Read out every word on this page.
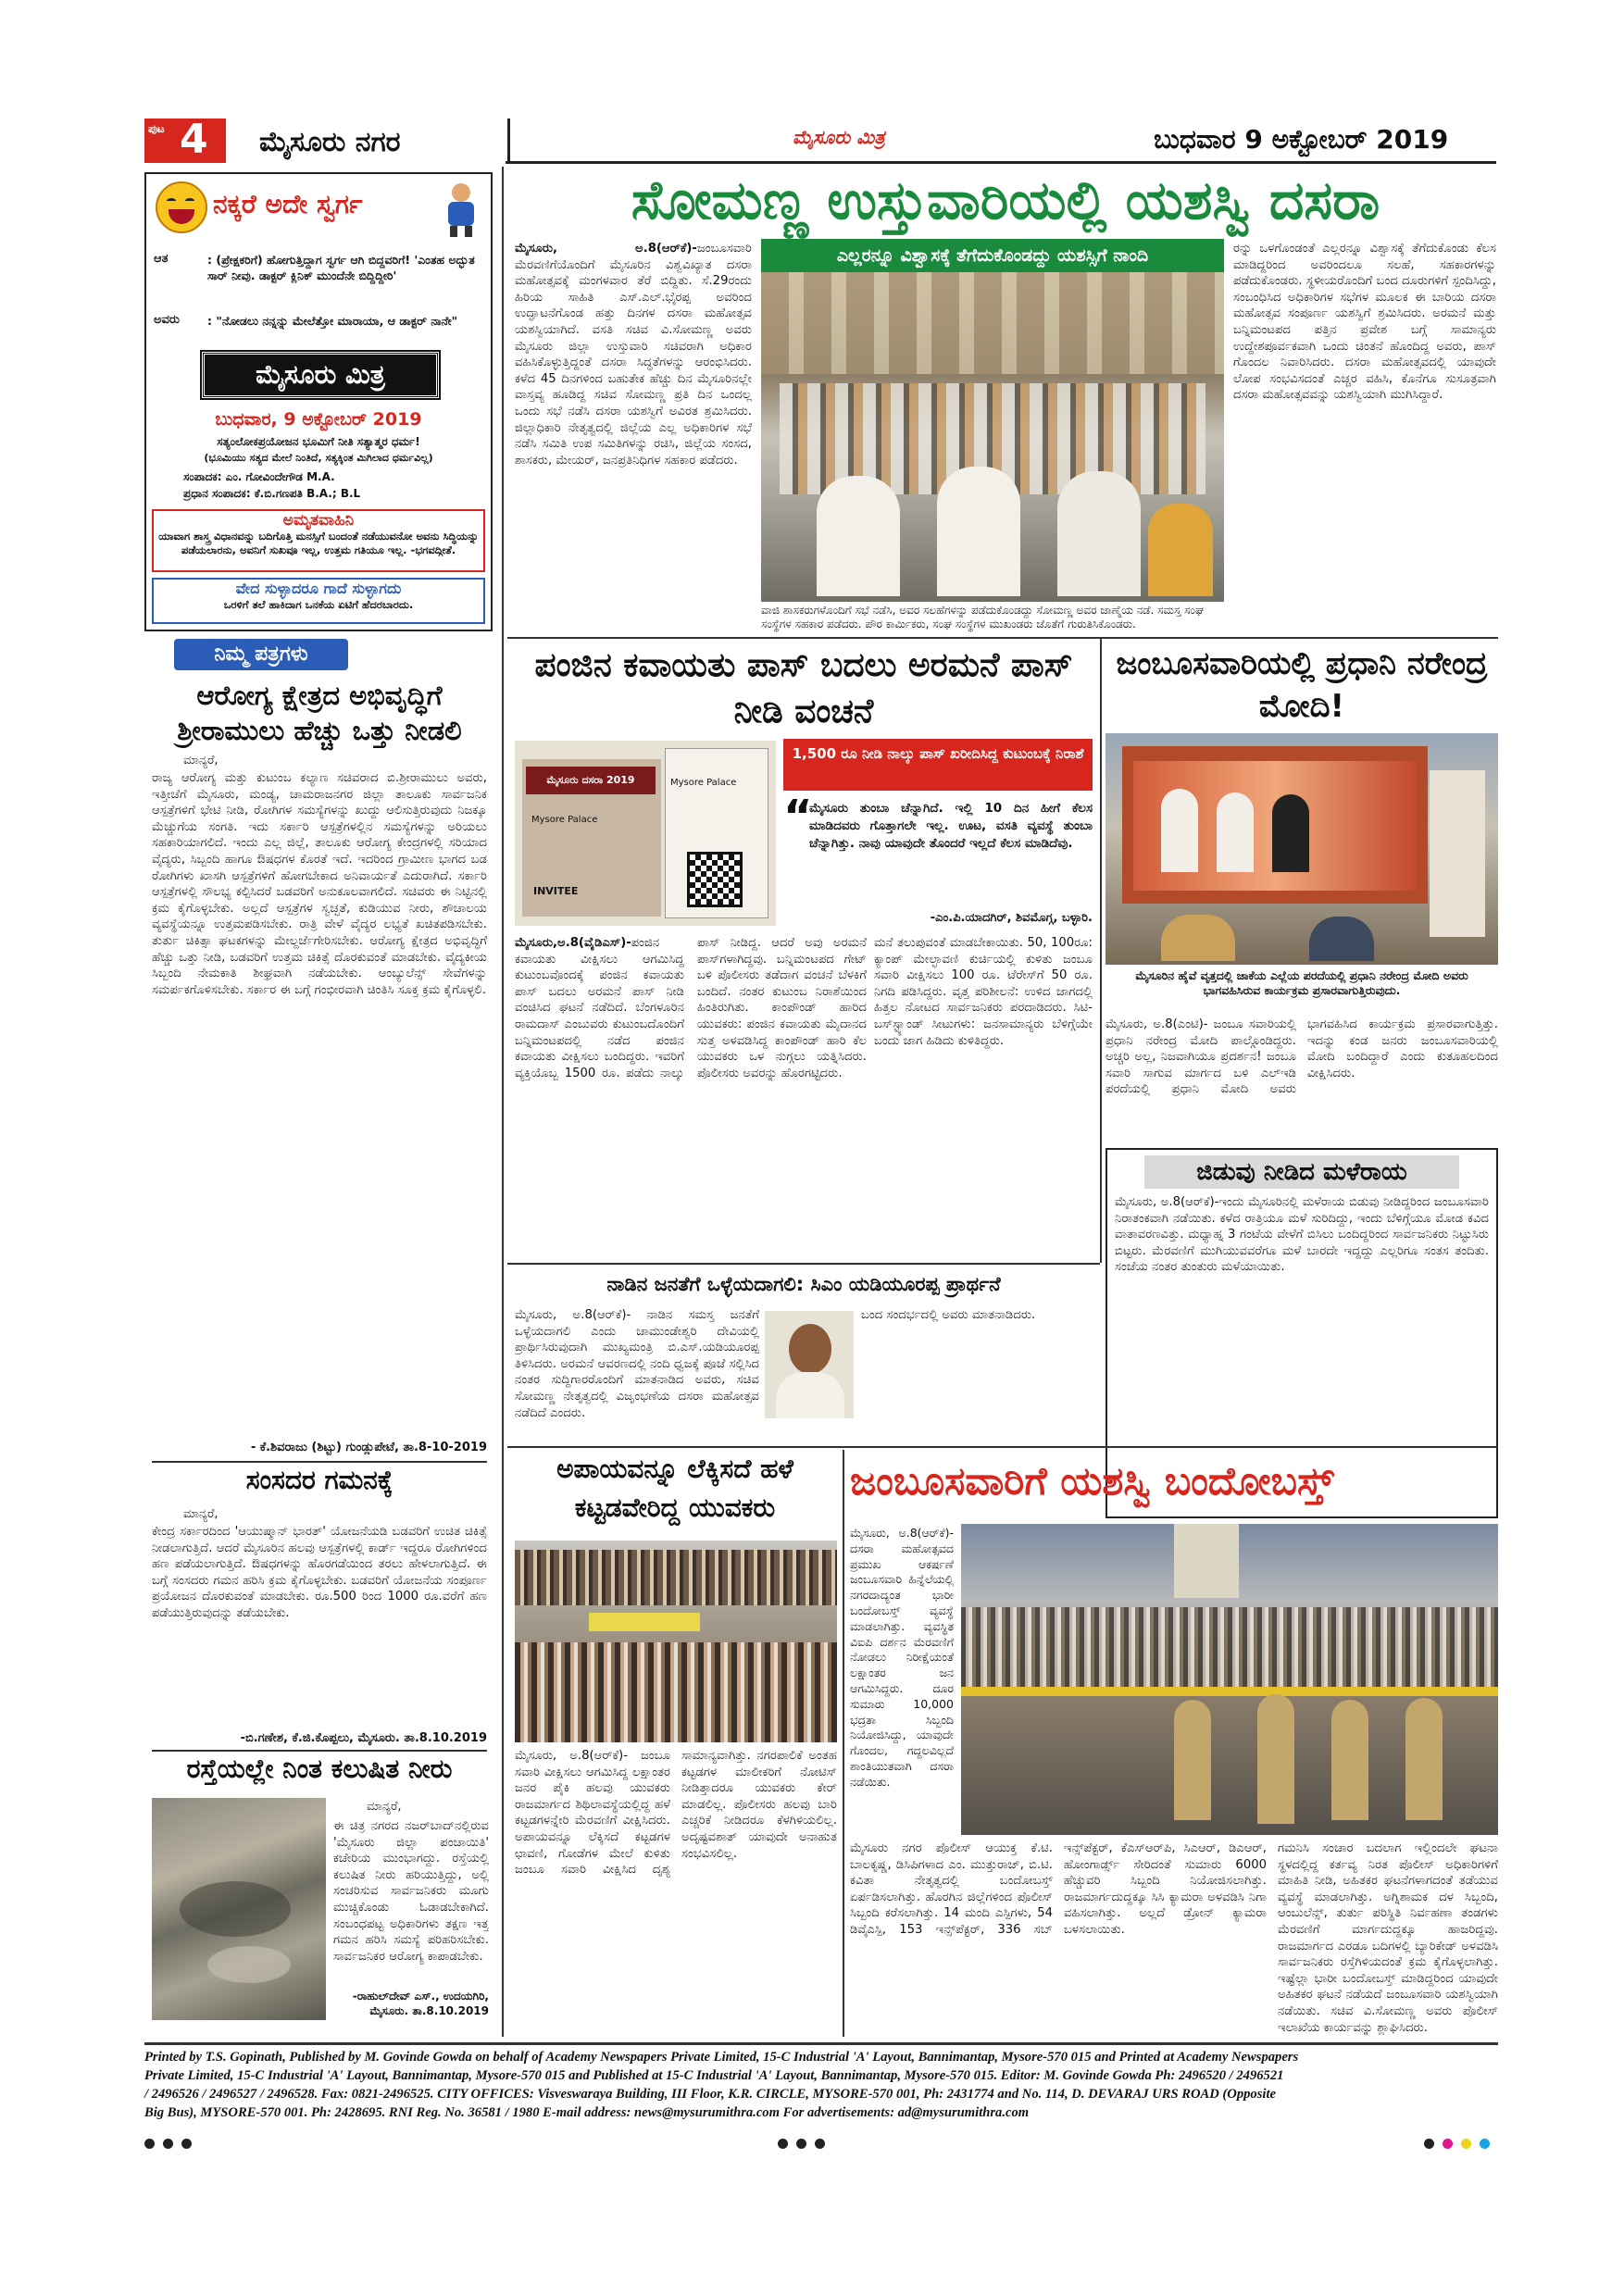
ಪುಟ 4 ಮೈಸೂರು ನಗರ	ಮೈಸೂರು ಮಿತ್ರ	ಬುಧವಾರ 9 ಅಕ್ಟೋಬರ್ 2019
ನಕ್ಕರೆ ಅದೇ ಸ್ವರ್ಗ
ಆತ	: (ಪ್ರೇಕ್ಷಕರಿಗೆ) ಹೋಗುತ್ತಿದ್ದಾಗ ಸ್ವರ್ಗ ಆಗಿ ಬಿದ್ದವರಿಗೆ! 'ಎಂತಹ ಅದ್ಭುತ ಸಾರ್ ನೀವು. ಡಾಕ್ಟರ್ ಕ್ಲಿನಿಕ್ ಮುಂದೆನೇ ಬಿದ್ದಿದ್ದೀರಿ'
ಅವರು : "ನೋಡಲು ನನ್ನನ್ನು ಮೇಲೆತ್ತೋ ಮಾರಾಯಾ, ಆ ಡಾಕ್ಟರ್ ನಾನೇ"
ಮೈಸೂರು ಮಿತ್ರ
ಬುಧವಾರ, 9 ಅಕ್ಟೋಬರ್ 2019
ಸತ್ಯಂಲೋಕಪ್ರಯೋಜನ ಭೂಮಿಗೆ ನೀತಿ ಸತ್ಯಾತ್ಮರ ಧರ್ಮ!
(ಭೂಮಿಯು ಸತ್ಯದ ಮೇಲೆ ನಿಂತಿದೆ, ಸತ್ಯಕ್ಕಿಂತ ಮಿಗಿಲಾದ ಧರ್ಮವಿಲ್ಲ)
ಸಂಪಾದಕ: ಎಂ. ಗೋವಿಂದೇಗೌಡ M.A.
ಪ್ರಧಾನ ಸಂಪಾದಕ: ಕೆ.ಬಿ.ಗಣಪತಿ B.A.; B.L
ಅಮೃತವಾಹಿನಿ
ಯಾವಾಗ ಶಾಸ್ತ್ರ ವಿಧಾನವನ್ನು ಬದಿಗೊತ್ತಿ ಮನಸ್ಸಿಗೆ ಬಂದಂತೆ ನಡೆಯುವನೋ ಅವನು ಸಿದ್ಧಿಯನ್ನು ಪಡೆಯಲಾರನು, ಅವನಿಗೆ ಸುಖವೂ ಇಲ್ಲ, ಉತ್ತಮ ಗತಿಯೂ ಇಲ್ಲ. -ಭಗವದ್ಗೀತೆ.
ವೇದ ಸುಳ್ಳಾದರೂ ಗಾದೆ ಸುಳ್ಳಾಗದು
ಒರಳಿಗೆ ತಲೆ ಹಾಕಿದಾಗ ಒನಕೆಯ ಏಟಿಗೆ ಹೆದರಬಾರದು.
ನಿಮ್ಮ ಪತ್ರಗಳು
ಆರೋಗ್ಯ ಕ್ಷೇತ್ರದ ಅಭಿವೃದ್ಧಿಗೆ ಶ್ರೀರಾಮುಲು ಹೆಚ್ಚು ಒತ್ತು ನೀಡಲಿ
ಮಾನ್ಯರೆ,
ರಾಜ್ಯ ಆರೋಗ್ಯ ಮತ್ತು ಕುಟುಂಬ ಕಲ್ಯಾಣ ಸಚಿವರಾದ ಬಿ.ಶ್ರೀರಾಮುಲು ಅವರು, ಇತ್ತೀಚೆಗೆ ಮೈಸೂರು, ಮಂಡ್ಯ, ಚಾಮರಾಜನಗರ ಜಿಲ್ಲಾ ತಾಲೂಕು ಸಾರ್ವಜನಿಕ ಆಸ್ಪತ್ರೆಗಳಿಗೆ ಭೇಟಿ ನೀಡಿ, ರೋಗಿಗಳ ಸಮಸ್ಯೆಗಳನ್ನು ಖುದ್ದು ಆಲಿಸುತ್ತಿರುವುದು ನಿಜಕ್ಕೂ ಮೆಚ್ಚುಗೆಯ ಸಂಗತಿ. ಇದು ಸರ್ಕಾರಿ ಆಸ್ಪತ್ರೆಗಳಲ್ಲಿನ ಸಮಸ್ಯೆಗಳನ್ನು ಅರಿಯಲು ಸಹಕಾರಿಯಾಗಲಿದೆ. ಇಂದು ಎಲ್ಲ ಜಿಲ್ಲೆ, ತಾಲೂಕು ಆರೋಗ್ಯ ಕೇಂದ್ರಗಳಲ್ಲಿ ಸರಿಯಾದ ವೈದ್ಯರು, ಸಿಬ್ಬಂದಿ ಹಾಗೂ ಔಷಧಗಳ ಕೊರತೆ ಇದೆ. ಇದರಿಂದ ಗ್ರಾಮೀಣ ಭಾಗದ ಬಡ ರೋಗಿಗಳು ಖಾಸಗಿ ಆಸ್ಪತ್ರೆಗಳಿಗೆ ಹೋಗಬೇಕಾದ ಅನಿವಾರ್ಯತೆ ಎದುರಾಗಿದೆ. ಸರ್ಕಾರಿ ಆಸ್ಪತ್ರೆಗಳಲ್ಲಿ ಸೌಲಭ್ಯ ಕಲ್ಪಿಸಿದರೆ ಬಡವರಿಗೆ ಅನುಕೂಲವಾಗಲಿದೆ. ಸಚಿವರು ಈ ನಿಟ್ಟಿನಲ್ಲಿ ಕ್ರಮ ಕೈಗೊಳ್ಳಬೇಕು. ಅಲ್ಲದೆ ಆಸ್ಪತ್ರೆಗಳ ಸ್ವಚ್ಛತೆ, ಕುಡಿಯುವ ನೀರು, ಶೌಚಾಲಯ ವ್ಯವಸ್ಥೆಯನ್ನೂ ಉತ್ತಮಪಡಿಸಬೇಕು. ರಾತ್ರಿ ವೇಳೆ ವೈದ್ಯರ ಲಭ್ಯತೆ ಖಚಿತಪಡಿಸಬೇಕು. ತುರ್ತು ಚಿಕಿತ್ಸಾ ಘಟಕಗಳನ್ನು ಮೇಲ್ದರ್ಜೆಗೇರಿಸಬೇಕು. ಆರೋಗ್ಯ ಕ್ಷೇತ್ರದ ಅಭಿವೃದ್ಧಿಗೆ ಹೆಚ್ಚು ಒತ್ತು ನೀಡಿ, ಬಡವರಿಗೆ ಉತ್ತಮ ಚಿಕಿತ್ಸೆ ದೊರಕುವಂತೆ ಮಾಡಬೇಕು. ವೈದ್ಯಕೀಯ ಸಿಬ್ಬಂದಿ ನೇಮಕಾತಿ ಶೀಘ್ರವಾಗಿ ನಡೆಯಬೇಕು. ಆಂಬ್ಯುಲೆನ್ಸ್ ಸೇವೆಗಳನ್ನು ಸಮರ್ಪಕಗೊಳಿಸಬೇಕು. ಸರ್ಕಾರ ಈ ಬಗ್ಗೆ ಗಂಭೀರವಾಗಿ ಚಿಂತಿಸಿ ಸೂಕ್ತ ಕ್ರಮ ಕೈಗೊಳ್ಳಲಿ.
- ಕೆ.ಶಿವರಾಜು (ಶಿಟ್ಟು) ಗುಂಡ್ಲುಪೇಟೆ, ತಾ.8-10-2019
ಸಂಸದರ ಗಮನಕ್ಕೆ
ಮಾನ್ಯರೆ,
ಕೇಂದ್ರ ಸರ್ಕಾರದಿಂದ 'ಆಯುಷ್ಮಾನ್ ಭಾರತ್' ಯೋಜನೆಯಡಿ ಬಡವರಿಗೆ ಉಚಿತ ಚಿಕಿತ್ಸೆ ನೀಡಲಾಗುತ್ತಿದೆ. ಆದರೆ ಮೈಸೂರಿನ ಹಲವು ಆಸ್ಪತ್ರೆಗಳಲ್ಲಿ ಕಾರ್ಡ್ ಇದ್ದರೂ ರೋಗಿಗಳಿಂದ ಹಣ ಪಡೆಯಲಾಗುತ್ತಿದೆ. ಔಷಧಗಳನ್ನು ಹೊರಗಡೆಯಿಂದ ತರಲು ಹೇಳಲಾಗುತ್ತಿದೆ. ಈ ಬಗ್ಗೆ ಸಂಸದರು ಗಮನ ಹರಿಸಿ ಕ್ರಮ ಕೈಗೊಳ್ಳಬೇಕು. ಬಡವರಿಗೆ ಯೋಜನೆಯ ಸಂಪೂರ್ಣ ಪ್ರಯೋಜನ ದೊರಕುವಂತೆ ಮಾಡಬೇಕು. ರೂ.500 ರಿಂದ 1000 ರೂ.ವರೆಗೆ ಹಣ ಪಡೆಯುತ್ತಿರುವುದನ್ನು ತಡೆಯಬೇಕು.
-ಬಿ.ಗಣೇಶ, ಕೆ.ಜಿ.ಕೊಪ್ಪಲು, ಮೈಸೂರು. ತಾ.8.10.2019
ರಸ್ತೆಯಲ್ಲೇ ನಿಂತ ಕಲುಷಿತ ನೀರು
ಮಾನ್ಯರೆ,
ಈ ಚಿತ್ರ ನಗರದ ನಜರ್‌ಬಾದ್‌ನಲ್ಲಿರುವ 'ಮೈಸೂರು ಜಿಲ್ಲಾ ಪಂಚಾಯಿತಿ' ಕಚೇರಿಯ ಮುಂಭಾಗದ್ದು. ರಸ್ತೆಯಲ್ಲಿ ಕಲುಷಿತ ನೀರು ಹರಿಯುತ್ತಿದ್ದು, ಅಲ್ಲಿ ಸಂಚರಿಸುವ ಸಾರ್ವಜನಿಕರು ಮೂಗು ಮುಚ್ಚಿಕೊಂಡು ಓಡಾಡಬೇಕಾಗಿದೆ. ಸಂಬಂಧಪಟ್ಟ ಅಧಿಕಾರಿಗಳು ತಕ್ಷಣ ಇತ್ತ ಗಮನ ಹರಿಸಿ ಸಮಸ್ಯೆ ಪರಿಹರಿಸಬೇಕು. ಸಾರ್ವಜನಿಕರ ಆರೋಗ್ಯ ಕಾಪಾಡಬೇಕು.
-ರಾಹುಲ್‌ದೇವ್ ಎಸ್., ಉದಯಗಿರಿ, ಮೈಸೂರು. ತಾ.8.10.2019
ಸೋಮಣ್ಣ ಉಸ್ತುವಾರಿಯಲ್ಲಿ ಯಶಸ್ವಿ ದಸರಾ
ಮೈಸೂರು, ಅ.8(ಆರ್‌ಕೆ)-ಜಂಬೂಸವಾರಿ ಮೆರವಣಿಗೆಯೊಂದಿಗೆ ಮೈಸೂರಿನ ವಿಶ್ವವಿಖ್ಯಾತ ದಸರಾ ಮಹೋತ್ಸವಕ್ಕೆ ಮಂಗಳವಾರ ತೆರೆ ಬಿದ್ದಿತು. ಸೆ.29ರಂದು ಹಿರಿಯ ಸಾಹಿತಿ ಎಸ್.ಎಲ್.ಭೈರಪ್ಪ ಅವರಿಂದ ಉದ್ಘಾಟನೆಗೊಂಡ ಹತ್ತು ದಿನಗಳ ದಸರಾ ಮಹೋತ್ಸವ ಯಶಸ್ವಿಯಾಗಿದೆ. ವಸತಿ ಸಚಿವ ವಿ.ಸೋಮಣ್ಣ ಅವರು ಮೈಸೂರು ಜಿಲ್ಲಾ ಉಸ್ತುವಾರಿ ಸಚಿವರಾಗಿ ಅಧಿಕಾರ ವಹಿಸಿಕೊಳ್ಳುತ್ತಿದ್ದಂತೆ ದಸರಾ ಸಿದ್ಧತೆಗಳನ್ನು ಆರಂಭಿಸಿದರು. ಕಳೆದ 45 ದಿನಗಳಿಂದ ಬಹುತೇಕ ಹೆಚ್ಚು ದಿನ ಮೈಸೂರಿನಲ್ಲೇ ವಾಸ್ತವ್ಯ ಹೂಡಿದ್ದ ಸಚಿವ ಸೋಮಣ್ಣ ಪ್ರತಿ ದಿನ ಒಂದಲ್ಲ ಒಂದು ಸಭೆ ನಡೆಸಿ ದಸರಾ ಯಶಸ್ವಿಗೆ ಅವಿರತ ಶ್ರಮಿಸಿದರು. ಜಿಲ್ಲಾಧಿಕಾರಿ ನೇತೃತ್ವದಲ್ಲಿ ಜಿಲ್ಲೆಯ ಎಲ್ಲ ಅಧಿಕಾರಿಗಳ ಸಭೆ ನಡೆಸಿ ಸಮಿತಿ ಉಪ ಸಮಿತಿಗಳನ್ನು ರಚಿಸಿ, ಜಿಲ್ಲೆಯ ಸಂಸದ, ಶಾಸಕರು, ಮೇಯರ್, ಜನಪ್ರತಿನಿಧಿಗಳ ಸಹಕಾರ ಪಡೆದರು.
ಎಲ್ಲರನ್ನೂ ವಿಶ್ವಾಸಕ್ಕೆ ತೆಗೆದುಕೊಂಡದ್ದು ಯಶಸ್ಸಿಗೆ ನಾಂದಿ
ವಾಜಿ ಶಾಸಕರುಗಳೊಂದಿಗೆ ಸಭೆ ನಡೆಸಿ, ಅವರ ಸಲಹೆಗಳನ್ನು ಪಡೆದುಕೊಂಡದ್ದು ಸೋಮಣ್ಣ ಅವರ ಜಾಣ್ಮೆಯ ನಡೆ. ಸಮಸ್ತ ಸಂಘ ಸಂಸ್ಥೆಗಳ ಸಹಕಾರ ಪಡೆದರು. ಪೌರ ಕಾರ್ಮಿಕರು, ಸಂಘ ಸಂಸ್ಥೆಗಳ ಮುಖಂಡರು ಜೊತೆಗೆ ಗುರುತಿಸಿಕೊಂಡರು.
ರನ್ನು ಒಳಗೊಂಡಂತೆ ಎಲ್ಲರನ್ನೂ ವಿಶ್ವಾಸಕ್ಕೆ ತೆಗೆದುಕೊಂಡು ಕೆಲಸ ಮಾಡಿದ್ದರಿಂದ ಅವರಿಂದಲೂ ಸಲಹೆ, ಸಹಕಾರಗಳನ್ನು ಪಡೆದುಕೊಂಡರು. ಸ್ಥಳೀಯರೊಂದಿಗೆ ಬಂದ ದೂರುಗಳಿಗೆ ಸ್ಪಂದಿಸಿದ್ದು, ಸಂಬಂಧಿಸಿದ ಅಧಿಕಾರಿಗಳ ಸಭೆಗಳ ಮೂಲಕ ಈ ಬಾರಿಯ ದಸರಾ ಮಹೋತ್ಸವ ಸಂಪೂರ್ಣ ಯಶಸ್ವಿಗೆ ಶ್ರಮಿಸಿದರು. ಅರಮನೆ ಮತ್ತು ಬನ್ನಿಮಂಟಪದ ಪತ್ತಿನ ಪ್ರವೇಶ ಬಗ್ಗೆ ಸಾಮಾನ್ಯರು ಉದ್ದೇಶಪೂರ್ವಕವಾಗಿ ಒಂದು ಚಿಂತನೆ ಹೊಂದಿದ್ದ ಅವರು, ಪಾಸ್ ಗೊಂದಲ ನಿವಾರಿಸಿದರು. ದಸರಾ ಮಹೋತ್ಸವದಲ್ಲಿ ಯಾವುದೇ ಲೋಪ ಸಂಭವಿಸದಂತೆ ಎಚ್ಚರ ವಹಿಸಿ, ಕೊನೆಗೂ ಸುಸೂತ್ರವಾಗಿ ದಸರಾ ಮಹೋತ್ಸವವನ್ನು ಯಶಸ್ವಿಯಾಗಿ ಮುಗಿಸಿದ್ದಾರೆ.
ಪಂಜಿನ ಕವಾಯತು ಪಾಸ್ ಬದಲು ಅರಮನೆ ಪಾಸ್ ನೀಡಿ ವಂಚನೆ
ಮೈಸೂರು ದಸರಾ 2019
Mysore Palace
INVITEE
Mysore Palace
1,500 ರೂ ನೀಡಿ ನಾಲ್ಕು ಪಾಸ್ ಖರೀದಿಸಿದ್ದ ಕುಟುಂಬಕ್ಕೆ ನಿರಾಶೆ
“
ಮೈಸೂರು ತುಂಬಾ ಚೆನ್ನಾಗಿದೆ. ಇಲ್ಲಿ 10 ದಿನ ಹೀಗೆ ಕೆಲಸ ಮಾಡಿದವರು ಗೊತ್ತಾಗಲೇ ಇಲ್ಲ. ಊಟ, ವಸತಿ ವ್ಯವಸ್ಥೆ ತುಂಬಾ ಚೆನ್ನಾಗಿತ್ತು. ನಾವು ಯಾವುದೇ ತೊಂದರೆ ಇಲ್ಲದೆ ಕೆಲಸ ಮಾಡಿದೆವು.
-ಎಂ.ಪಿ.ಯಾದಗಿರ್, ಶಿವಮೊಗ್ಗ, ಬಳ್ಳಾರಿ.
ಮೈಸೂರು,ಅ.8(ವೈಡಿಎಸ್)-ಪಂಜಿನ ಕವಾಯತು ವೀಕ್ಷಿಸಲು ಆಗಮಿಸಿದ್ದ ಕುಟುಂಬವೊಂದಕ್ಕೆ ಪಂಜಿನ ಕವಾಯತು ಪಾಸ್ ಬದಲು ಅರಮನೆ ಪಾಸ್ ನೀಡಿ ವಂಚಿಸಿದ ಘಟನೆ ನಡೆದಿದೆ. ಬೆಂಗಳೂರಿನ ರಾಮದಾಸ್ ಎಂಬುವರು ಕುಟುಂಬದೊಂದಿಗೆ ಬನ್ನಿಮಂಟಪದಲ್ಲಿ ನಡೆದ ಪಂಜಿನ ಕವಾಯತು ವೀಕ್ಷಿಸಲು ಬಂದಿದ್ದರು. ಇವರಿಗೆ ವ್ಯಕ್ತಿಯೊಬ್ಬ 1500 ರೂ. ಪಡೆದು ನಾಲ್ಕು ಪಾಸ್ ನೀಡಿದ್ದ. ಆದರೆ ಅವು ಅರಮನೆ ಪಾಸ್‌ಗಳಾಗಿದ್ದವು. ಬನ್ನಿಮಂಟಪದ ಗೇಟ್ ಬಳಿ ಪೊಲೀಸರು ತಡೆದಾಗ ವಂಚನೆ ಬೆಳಕಿಗೆ ಬಂದಿದೆ. ನಂತರ ಕುಟುಂಬ ನಿರಾಶೆಯಿಂದ ಹಿಂತಿರುಗಿತು. ಕಾಂಪೌಂಡ್ ಹಾರಿದ ಯುವಕರು: ಪಂಜಿನ ಕವಾಯತು ಮೈದಾನದ ಸುತ್ತ ಅಳವಡಿಸಿದ್ದ ಕಾಂಪೌಂಡ್ ಹಾರಿ ಕೆಲ ಯುವಕರು ಒಳ ನುಗ್ಗಲು ಯತ್ನಿಸಿದರು. ಪೊಲೀಸರು ಅವರನ್ನು ಹೊರಗಟ್ಟಿದರು.
ಮನೆ ತಲುಪುವಂತೆ ಮಾಡಬೇಕಾಯಿತು. 50, 100ರೂ: ಕ್ಯಾಂಪ್ ಮೇಲ್ಛಾವಣಿ ಕುರ್ಚಿಯಲ್ಲಿ ಕುಳಿತು ಜಂಬೂ ಸವಾರಿ ವೀಕ್ಷಿಸಲು 100 ರೂ. ಟೆರೇಸ್‌ಗೆ 50 ರೂ. ನಿಗದಿ ಪಡಿಸಿದ್ದರು. ವೃತ್ತ ಪರಿಶೀಲನೆ: ಉಳಿದ ಜಾಗದಲ್ಲಿ ಹಿತ್ತಲ ನೋಟದ ಸಾರ್ವಜನಿಕರು ಪರದಾಡಿದರು. ಸಿಟಿ-ಬಸ್‌ಸ್ಟ್ಯಾಂಡ್ ಸೀಟುಗಳು: ಜನಸಾಮಾನ್ಯರು ಬೆಳಿಗ್ಗೆಯೇ ಬಂದು ಜಾಗ ಹಿಡಿದು ಕುಳಿತಿದ್ದರು.
ಜಂಬೂಸವಾರಿಯಲ್ಲಿ ಪ್ರಧಾನಿ ನರೇಂದ್ರ ಮೋದಿ!
ಮೈಸೂರಿನ ಹೈವೆ ವೃತ್ತದಲ್ಲಿ ಜಾಕೆಯ ಎಲ್ಲೆಯ ಪರದೆಯಲ್ಲಿ ಪ್ರಧಾನಿ ನರೇಂದ್ರ ಮೋದಿ ಅವರು ಭಾಗವಹಿಸಿರುವ ಕಾರ್ಯಕ್ರಮ ಪ್ರಸಾರವಾಗುತ್ತಿರುವುದು.
ಮೈಸೂರು, ಅ.8(ಎಂಟಿ)- ಜಂಬೂ ಸವಾರಿಯಲ್ಲಿ ಪ್ರಧಾನಿ ನರೇಂದ್ರ ಮೋದಿ ಪಾಲ್ಗೊಂಡಿದ್ದರು. ಅಚ್ಚರಿ ಅಲ್ಲ, ನಿಜವಾಗಿಯೂ ಪ್ರದರ್ಶನ! ಜಂಬೂ ಸವಾರಿ ಸಾಗುವ ಮಾರ್ಗದ ಬಳಿ ಎಲ್‌ಇಡಿ ಪರದೆಯಲ್ಲಿ ಪ್ರಧಾನಿ ಮೋದಿ ಅವರು ಭಾಗವಹಿಸಿದ ಕಾರ್ಯಕ್ರಮ ಪ್ರಸಾರವಾಗುತ್ತಿತ್ತು. ಇದನ್ನು ಕಂಡ ಜನರು ಜಂಬೂಸವಾರಿಯಲ್ಲಿ ಮೋದಿ ಬಂದಿದ್ದಾರೆ ಎಂದು ಕುತೂಹಲದಿಂದ ವೀಕ್ಷಿಸಿದರು.
ಜಿಡುವು ನೀಡಿದ ಮಳೆರಾಯ
ಮೈಸೂರು, ಅ.8(ಆರ್‌ಕೆ)-ಇಂದು ಮೈಸೂರಿನಲ್ಲಿ ಮಳೆರಾಯ ಬಿಡುವು ನೀಡಿದ್ದರಿಂದ ಜಂಬೂಸವಾರಿ ನಿರಾತಂಕವಾಗಿ ನಡೆಯಿತು. ಕಳೆದ ರಾತ್ರಿಯೂ ಮಳೆ ಸುರಿದಿದ್ದು, ಇಂದು ಬೆಳಿಗ್ಗೆಯೂ ಮೋಡ ಕವಿದ ವಾತಾವರಣವಿತ್ತು. ಮಧ್ಯಾಹ್ನ 3 ಗಂಟೆಯ ವೇಳೆಗೆ ಬಿಸಿಲು ಬಂದಿದ್ದರಿಂದ ಸಾರ್ವಜನಿಕರು ನಿಟ್ಟುಸಿರು ಬಿಟ್ಟರು. ಮೆರವಣಿಗೆ ಮುಗಿಯುವವರೆಗೂ ಮಳೆ ಬಾರದೇ ಇದ್ದದ್ದು ಎಲ್ಲರಿಗೂ ಸಂತಸ ತಂದಿತು. ಸಂಜೆಯ ನಂತರ ತುಂತುರು ಮಳೆಯಾಯಿತು.
ನಾಡಿನ ಜನತೆಗೆ ಒಳ್ಳೆಯದಾಗಲಿ: ಸಿಎಂ ಯಡಿಯೂರಪ್ಪ ಪ್ರಾರ್ಥನೆ
ಮೈಸೂರು, ಅ.8(ಆರ್‌ಕೆ)- ನಾಡಿನ ಸಮಸ್ತ ಜನತೆಗೆ ಒಳ್ಳೆಯದಾಗಲಿ ಎಂದು ಚಾಮುಂಡೇಶ್ವರಿ ದೇವಿಯಲ್ಲಿ ಪ್ರಾರ್ಥಿಸಿರುವುದಾಗಿ ಮುಖ್ಯಮಂತ್ರಿ ಬಿ.ಎಸ್.ಯಡಿಯೂರಪ್ಪ ತಿಳಿಸಿದರು. ಅರಮನೆ ಆವರಣದಲ್ಲಿ ನಂದಿ ಧ್ವಜಕ್ಕೆ ಪೂಜೆ ಸಲ್ಲಿಸಿದ ನಂತರ ಸುದ್ದಿಗಾರರೊಂದಿಗೆ ಮಾತನಾಡಿದ ಅವರು, ಸಚಿವ ಸೋಮಣ್ಣ ನೇತೃತ್ವದಲ್ಲಿ ವಿಜೃಂಭಣೆಯ ದಸರಾ ಮಹೋತ್ಸವ ನಡೆದಿದೆ ಎಂದರು.
ಬಂದ ಸಂದರ್ಭದಲ್ಲಿ ಅವರು ಮಾತನಾಡಿದರು.
ಅಪಾಯವನ್ನೂ ಲೆಕ್ಕಿಸದೆ ಹಳೆ ಕಟ್ಟಡವೇರಿದ್ದ ಯುವಕರು
ಮೈಸೂರು, ಅ.8(ಆರ್‌ಕೆ)- ಜಂಬೂ ಸವಾರಿ ವೀಕ್ಷಿಸಲು ಆಗಮಿಸಿದ್ದ ಲಕ್ಷಾಂತರ ಜನರ ಪೈಕಿ ಹಲವು ಯುವಕರು ರಾಜಮಾರ್ಗದ ಶಿಥಿಲಾವಸ್ಥೆಯಲ್ಲಿದ್ದ ಹಳೆ ಕಟ್ಟಡಗಳನ್ನೇರಿ ಮೆರವಣಿಗೆ ವೀಕ್ಷಿಸಿದರು. ಅಪಾಯವನ್ನೂ ಲೆಕ್ಕಿಸದೆ ಕಟ್ಟಡಗಳ ಛಾವಣಿ, ಗೋಡೆಗಳ ಮೇಲೆ ಕುಳಿತು ಜಂಬೂ ಸವಾರಿ ವೀಕ್ಷಿಸಿದ ದೃಶ್ಯ ಸಾಮಾನ್ಯವಾಗಿತ್ತು. ನಗರಪಾಲಿಕೆ ಅಂತಹ ಕಟ್ಟಡಗಳ ಮಾಲೀಕರಿಗೆ ನೋಟಿಸ್ ನೀಡಿತ್ತಾದರೂ ಯುವಕರು ಕೇರ್ ಮಾಡಲಿಲ್ಲ. ಪೊಲೀಸರು ಹಲವು ಬಾರಿ ಎಚ್ಚರಿಕೆ ನೀಡಿದರೂ ಕೆಳಗಿಳಿಯಲಿಲ್ಲ. ಅದೃಷ್ಟವಶಾತ್ ಯಾವುದೇ ಅನಾಹುತ ಸಂಭವಿಸಲಿಲ್ಲ.
ಜಂಬೂಸವಾರಿಗೆ ಯಶಸ್ವಿ ಬಂದೋಬಸ್ತ್
ಮೈಸೂರು, ಅ.8(ಆರ್‌ಕೆ)- ದಸರಾ ಮಹೋತ್ಸವದ ಪ್ರಮುಖ ಆಕರ್ಷಣೆ ಜಂಬೂಸವಾರಿ ಹಿನ್ನೆಲೆಯಲ್ಲಿ ನಗರದಾದ್ಯಂತ ಭಾರೀ ಬಂದೋಬಸ್ತ್ ವ್ಯವಸ್ಥೆ ಮಾಡಲಾಗಿತ್ತು. ವ್ಯವಸ್ಥಿತ ವಿಐಪಿ ದರ್ಶನ ಮೆರವಣಿಗೆ ನೋಡಲು ನಿರೀಕ್ಷೆಯಂತೆ ಲಕ್ಷಾಂತರ ಜನ ಆಗಮಿಸಿದ್ದರು. ದೂರ ಸುಮಾರು 10,000 ಭದ್ರತಾ ಸಿಬ್ಬಂದಿ ನಿಯೋಜಿಸಿದ್ದು, ಯಾವುದೇ ಗೊಂದಲ, ಗದ್ದಲವಿಲ್ಲದೆ ಶಾಂತಿಯುತವಾಗಿ ದಸರಾ ನಡೆಯಿತು.
ಮೈಸೂರು ನಗರ ಪೊಲೀಸ್ ಆಯುಕ್ತ ಕೆ.ಟಿ. ಬಾಲಕೃಷ್ಣ, ಡಿಸಿಪಿಗಳಾದ ಎಂ. ಮುತ್ತುರಾಜ್, ಬಿ.ಟಿ. ಕವಿತಾ ನೇತೃತ್ವದಲ್ಲಿ ಬಂದೋಬಸ್ತ್ ಏರ್ಪಡಿಸಲಾಗಿತ್ತು. ಹೊರಗಿನ ಜಿಲ್ಲೆಗಳಿಂದ ಪೊಲೀಸ್ ಸಿಬ್ಬಂದಿ ಕರೆಸಲಾಗಿತ್ತು. 14 ಮಂದಿ ಎಸ್ಪಿಗಳು, 54 ಡಿವೈಎಸ್ಪಿ, 153 ಇನ್ಸ್‌ಪೆಕ್ಟರ್, 336 ಸಬ್ ಇನ್ಸ್‌ಪೆಕ್ಟರ್, ಕೆಎಸ್‌ಆರ್‌ಪಿ, ಸಿಎಆರ್, ಡಿಎಆರ್, ಹೋಂಗಾರ್ಡ್ಸ್ ಸೇರಿದಂತೆ ಸುಮಾರು 6000 ಹೆಚ್ಚುವರಿ ಸಿಬ್ಬಂದಿ ನಿಯೋಜಿಸಲಾಗಿತ್ತು. ರಾಜಮಾರ್ಗದುದ್ದಕ್ಕೂ ಸಿಸಿ ಕ್ಯಾಮರಾ ಅಳವಡಿಸಿ ನಿಗಾ ವಹಿಸಲಾಗಿತ್ತು. ಅಲ್ಲದೆ ಡ್ರೋನ್ ಕ್ಯಾಮರಾ ಬಳಸಲಾಯಿತು.
ಗಮನಿಸಿ ಸಂಚಾರ ಬದಲಾಗ ಇಲ್ಲಿಂದಲೇ ಘಟನಾ ಸ್ಥಳದಲ್ಲಿದ್ದ ಕರ್ತವ್ಯ ನಿರತ ಪೊಲೀಸ್ ಅಧಿಕಾರಿಗಳಿಗೆ ಮಾಹಿತಿ ನೀಡಿ, ಅಹಿತಕರ ಘಟನೆಗಳಾಗದಂತೆ ತಡೆಯುವ ವ್ಯವಸ್ಥೆ ಮಾಡಲಾಗಿತ್ತು. ಅಗ್ನಿಶಾಮಕ ದಳ ಸಿಬ್ಬಂದಿ, ಆಂಬುಲೆನ್ಸ್, ತುರ್ತು ಪರಿಸ್ಥಿತಿ ನಿರ್ವಹಣಾ ತಂಡಗಳು ಮೆರವಣಿಗೆ ಮಾರ್ಗದುದ್ದಕ್ಕೂ ಹಾಜರಿದ್ದವು. ರಾಜಮಾರ್ಗದ ಎರಡೂ ಬದಿಗಳಲ್ಲಿ ಬ್ಯಾರಿಕೇಡ್ ಅಳವಡಿಸಿ ಸಾರ್ವಜನಿಕರು ರಸ್ತೆಗಿಳಿಯದಂತೆ ಕ್ರಮ ಕೈಗೊಳ್ಳಲಾಗಿತ್ತು. ಇಷ್ಟೆಲ್ಲಾ ಭಾರೀ ಬಂದೋಬಸ್ತ್ ಮಾಡಿದ್ದರಿಂದ ಯಾವುದೇ ಅಹಿತಕರ ಘಟನೆ ನಡೆಯದೆ ಜಂಬೂಸವಾರಿ ಯಶಸ್ವಿಯಾಗಿ ನಡೆಯಿತು. ಸಚಿವ ವಿ.ಸೋಮಣ್ಣ ಅವರು ಪೊಲೀಸ್ ಇಲಾಖೆಯ ಕಾರ್ಯವನ್ನು ಶ್ಲಾಘಿಸಿದರು.
Printed by T.S. Gopinath, Published by M. Govinde Gowda on behalf of Academy Newspapers Private Limited, 15-C Industrial 'A' Layout, Bannimantap, Mysore-570 015 and Printed at Academy Newspapers
Private Limited, 15-C Industrial 'A' Layout, Bannimantap, Mysore-570 015 and Published at 15-C Industrial 'A' Layout, Bannimantap, Mysore-570 015. Editor: M. Govinde Gowda Ph: 2496520 / 2496521
/ 2496526 / 2496527 / 2496528. Fax: 0821-2496525. CITY OFFICES: Visveswaraya Building, III Floor, K.R. CIRCLE, MYSORE-570 001, Ph: 2431774 and No. 114, D. DEVARAJ URS ROAD (Opposite
Big Bus), MYSORE-570 001. Ph: 2428695. RNI Reg. No. 36581 / 1980 E-mail address: news@mysurumithra.com For advertisements: ad@mysurumithra.com
